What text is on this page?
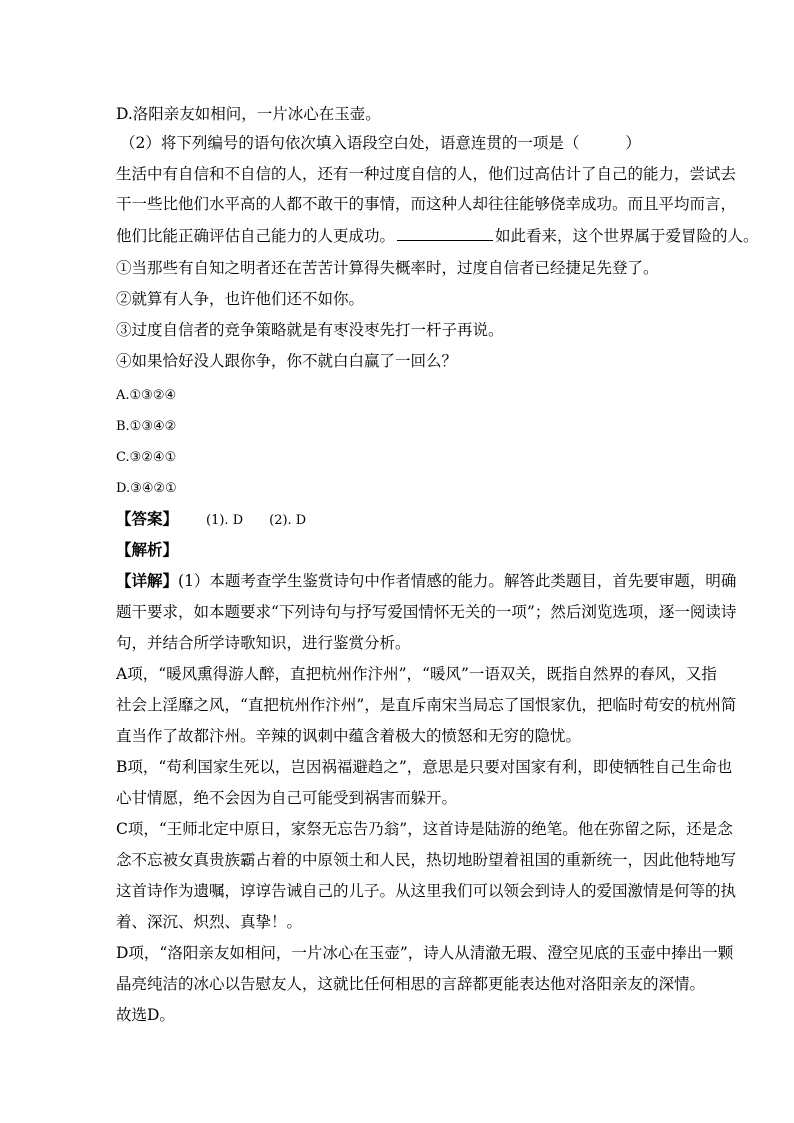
D.洛阳亲友如相问，一片冰心在玉壶。
（2）将下列编号的语句依次填入语段空白处，语意连贯的一项是（	）
生活中有自信和不自信的人，还有一种过度自信的人，他们过高估计了自己的能力，尝试去
干一些比他们水平高的人都不敢干的事情，而这种人却往往能够侥幸成功。而且平均而言，
他们比能正确评估自己能力的人更成功。	如此看来，这个世界属于爱冒险的人。
①当那些有自知之明者还在苦苦计算得失概率时，过度自信者已经捷足先登了。
②就算有人争，也许他们还不如你。
③过度自信者的竞争策略就是有枣没枣先打一杆子再说。
④如果恰好没人跟你争，你不就白白赢了一回么？
A.①③②④
B.①③④②
C.③②④①
D.③④②①
【答案】 (1). D (2). D
【解析】
【详解】(1）本题考查学生鉴赏诗句中作者情感的能力。解答此类题目，首先要审题，明确
题干要求，如本题要求“下列诗句与抒写爱国情怀无关的一项”；然后浏览选项，逐一阅读诗
句，并结合所学诗歌知识，进行鉴赏分析。
A项，“暖风熏得游人醉，直把杭州作汴州”，“暖风”一语双关，既指自然界的春风，又指
社会上淫靡之风，“直把杭州作汴州”，是直斥南宋当局忘了国恨家仇，把临时苟安的杭州简
直当作了故都汴州。辛辣的讽刺中蕴含着极大的愤怒和无穷的隐忧。
B项，“苟利国家生死以，岂因祸福避趋之”，意思是只要对国家有利，即使牺牲自己生命也
心甘情愿，绝不会因为自己可能受到祸害而躲开。
C项，“王师北定中原日，家祭无忘告乃翁”，这首诗是陆游的绝笔。他在弥留之际，还是念
念不忘被女真贵族霸占着的中原领土和人民，热切地盼望着祖国的重新统一，因此他特地写
这首诗作为遗嘱，谆谆告诫自己的儿子。从这里我们可以领会到诗人的爱国激情是何等的执
着、深沉、炽烈、真挚！。
D项，“洛阳亲友如相问，一片冰心在玉壶”，诗人从清澈无瑕、澄空见底的玉壶中捧出一颗
晶亮纯洁的冰心以告慰友人，这就比任何相思的言辞都更能表达他对洛阳亲友的深情。
故选D。
